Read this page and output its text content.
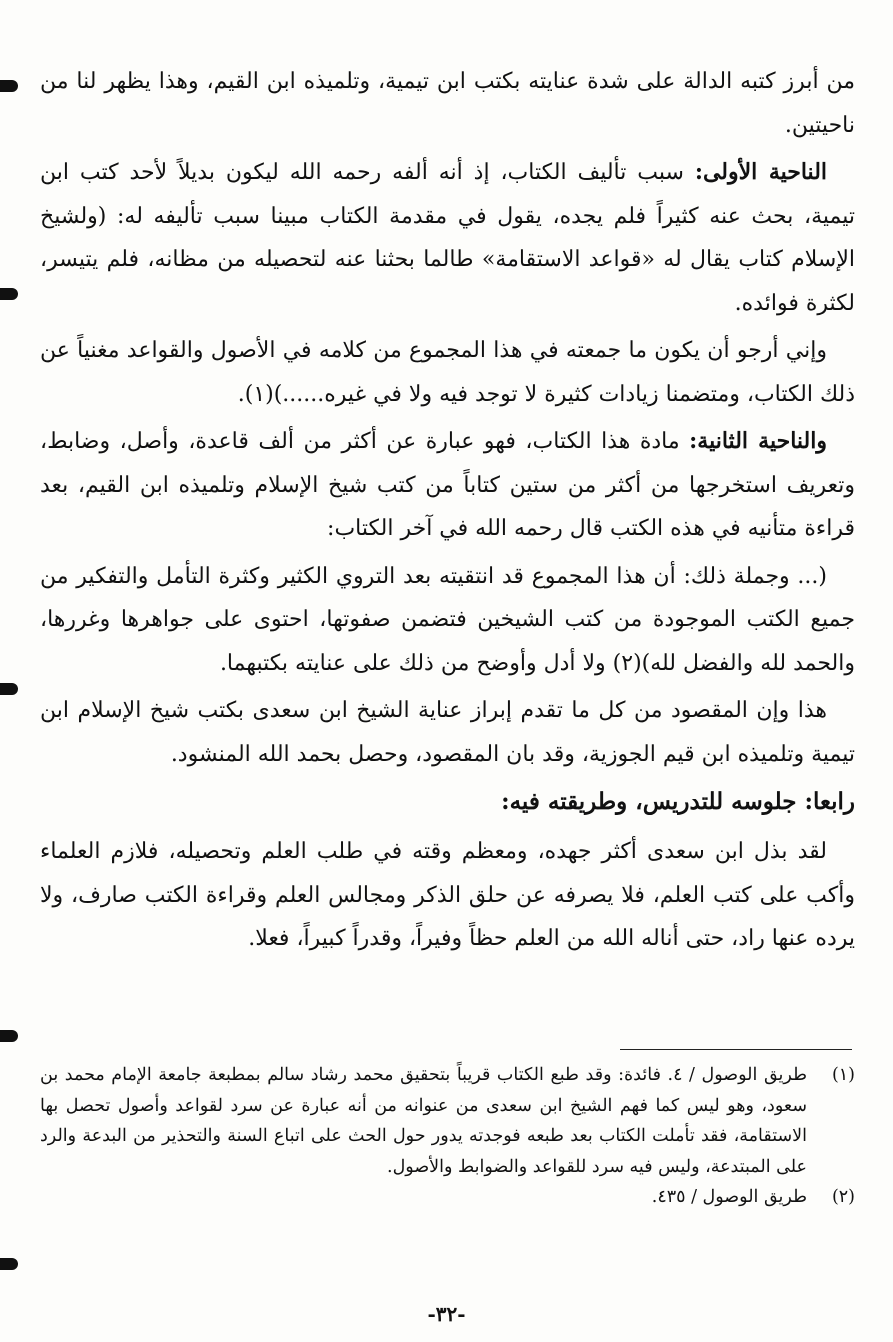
من أبرز كتبه الدالة على شدة عنايته بكتب ابن تيمية، وتلميذه ابن القيم، وهذا يظهر لنا من ناحيتين.

الناحية الأولى: سبب تأليف الكتاب، إذ أنه ألفه رحمه الله ليكون بديلاً لأحد كتب ابن تيمية، بحث عنه كثيراً فلم يجده، يقول في مقدمة الكتاب مبينا سبب تأليفه له: (ولشيخ الإسلام كتاب يقال له «قواعد الاستقامة» طالما بحثنا عنه لتحصيله من مظانه، فلم يتيسر، لكثرة فوائده.

وإني أرجو أن يكون ما جمعته في هذا المجموع من كلامه في الأصول والقواعد مغنياً عن ذلك الكتاب، ومتضمنا زيادات كثيرة لا توجد فيه ولا في غيره......)(١).

والناحية الثانية: مادة هذا الكتاب، فهو عبارة عن أكثر من ألف قاعدة، وأصل، وضابط، وتعريف استخرجها من أكثر من ستين كتاباً من كتب شيخ الإسلام وتلميذه ابن القيم، بعد قراءة متأنيه في هذه الكتب قال رحمه الله في آخر الكتاب:

(... وجملة ذلك: أن هذا المجموع قد انتقيته بعد التروي الكثير وكثرة التأمل والتفكير من جميع الكتب الموجودة من كتب الشيخين فتضمن صفوتها، احتوى على جواهرها وغررها، والحمد لله والفضل لله)(٢) ولا أدل وأوضح من ذلك على عنايته بكتبهما.

هذا وإن المقصود من كل ما تقدم إبراز عناية الشيخ ابن سعدى بكتب شيخ الإسلام ابن تيمية وتلميذه ابن قيم الجوزية، وقد بان المقصود، وحصل بحمد الله المنشود.

رابعا: جلوسه للتدريس، وطريقته فيه:

لقد بذل ابن سعدى أكثر جهده، ومعظم وقته في طلب العلم وتحصيله، فلازم العلماء وأكب على كتب العلم، فلا يصرفه عن حلق الذكر ومجالس العلم وقراءة الكتب صارف، ولا يرده عنها راد، حتى أناله الله من العلم حظاً وفيراً، وقدراً كبيراً، فعلا.

(١)
طريق الوصول / ٤. فائدة: وقد طبع الكتاب قريباً بتحقيق محمد رشاد سالم بمطبعة جامعة الإمام محمد بن سعود، وهو ليس كما فهم الشيخ ابن سعدى من عنوانه من أنه عبارة عن سرد لقواعد وأصول تحصل بها الاستقامة، فقد تأملت الكتاب بعد طبعه فوجدته يدور حول الحث على اتباع السنة والتحذير من البدعة والرد على المبتدعة، وليس فيه سرد للقواعد والضوابط والأصول.
(٢)
طريق الوصول / ٤٣٥.
-٣٢-
